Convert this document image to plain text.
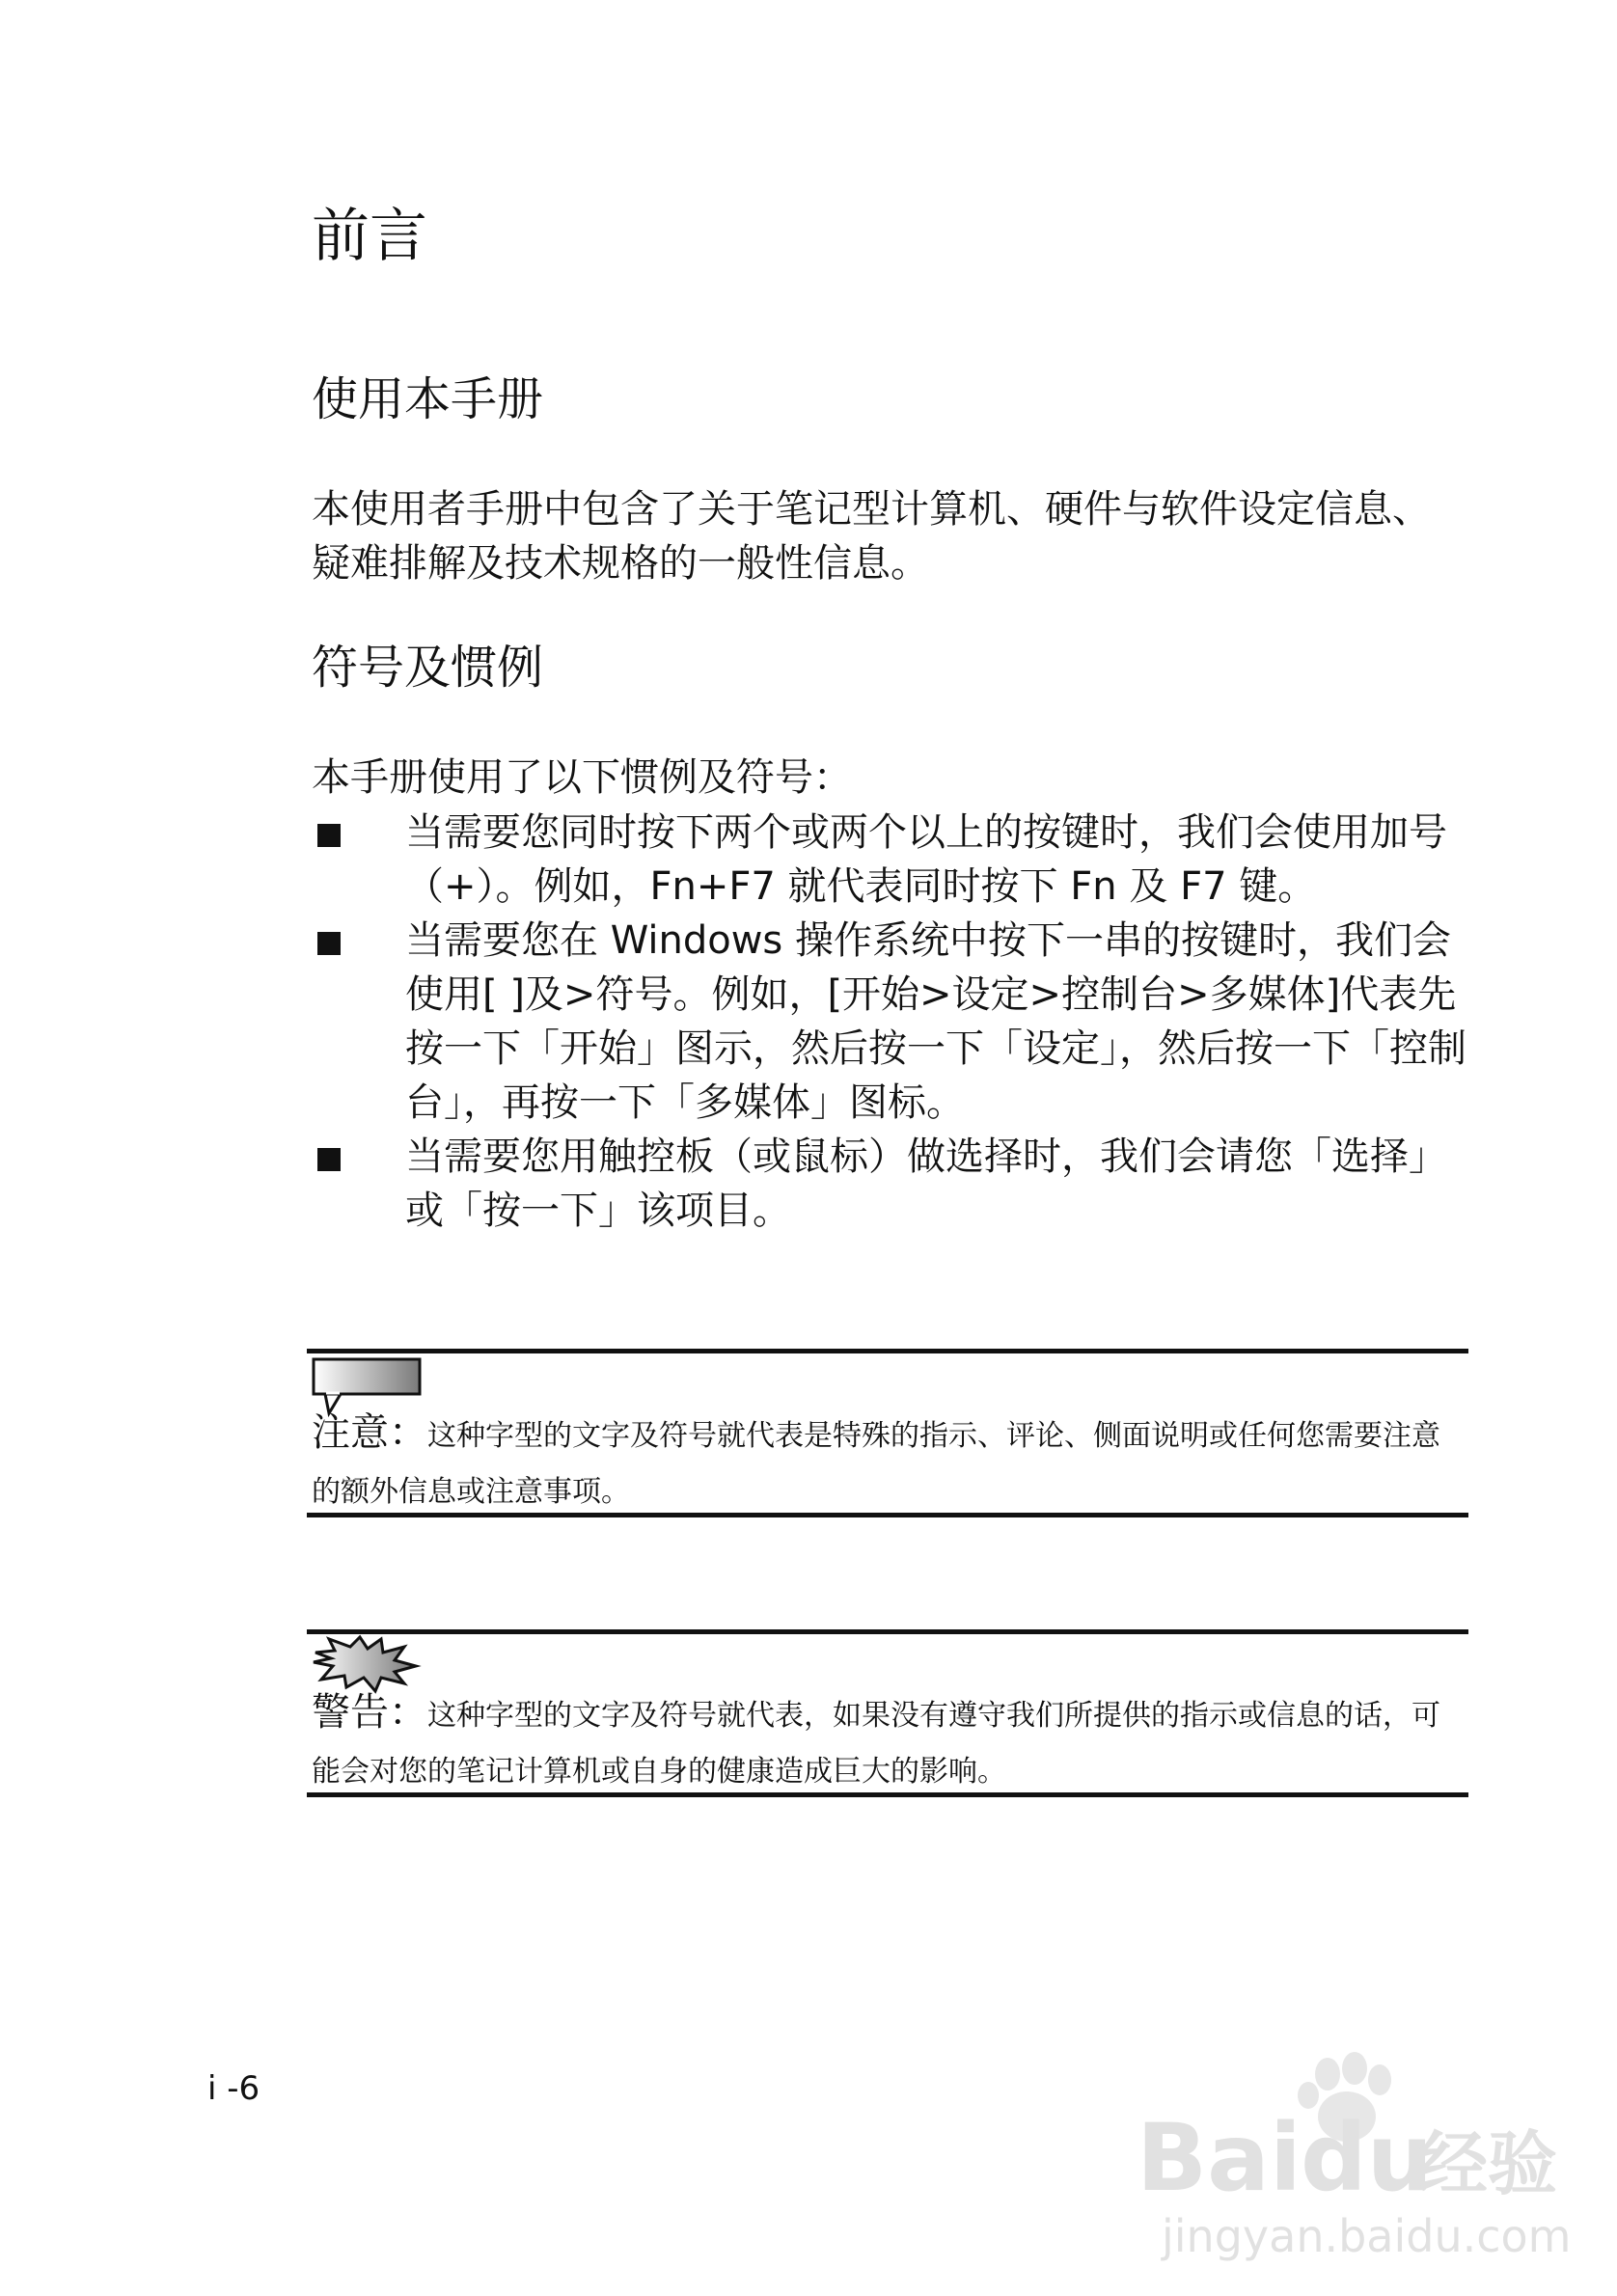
前言
使用本手册

本使用者手册中包含了关于笔记型计算机、硬件与软件设定信息、疑难排解及技术规格的一般性信息。

符号及惯例

本手册使用了以下惯例及符号：

当需要您同时按下两个或两个以上的按键时，我们会使用加号（+）。例如，Fn+F7 就代表同时按下 Fn 及 F7 键。
当需要您在 Windows 操作系统中按下一串的按键时，我们会使用[ ]及>符号。例如，[开始>设定>控制台>多媒体]代表先按一下「开始」图示，然后按一下「设定」，然后按一下「控制台」，再按一下「多媒体」图标。
当需要您用触控板（或鼠标）做选择时，我们会请您「选择」或「按一下」该项目。

注意：这种字型的文字及符号就代表是特殊的指示、评论、侧面说明或任何您需要注意的额外信息或注意事项。

警告：这种字型的文字及符号就代表，如果没有遵守我们所提供的指示或信息的话，可能会对您的笔记计算机或自身的健康造成巨大的影响。

i -6
Bai du
经验
jingyan.baidu.com
